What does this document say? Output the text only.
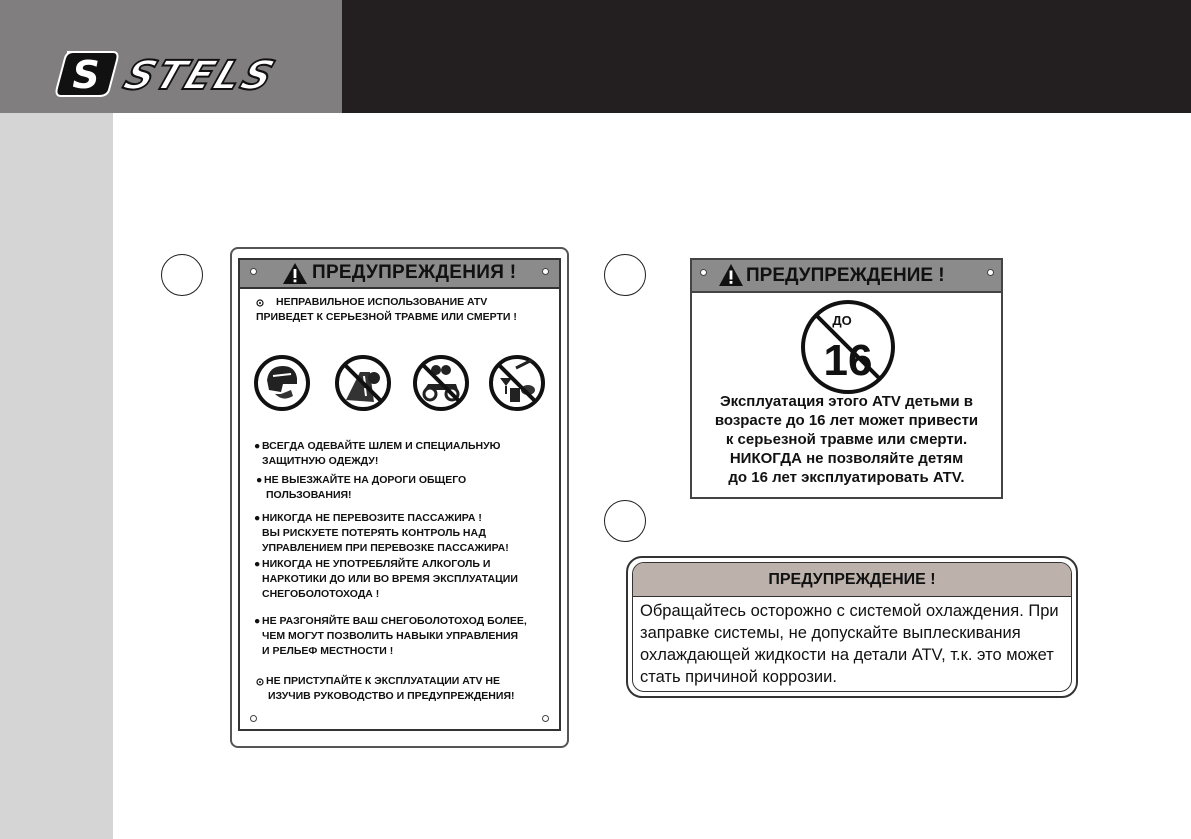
S STELS
ПРЕДУПРЕЖДЕНИЯ !
НЕПРАВИЛЬНОЕ ИСПОЛЬЗОВАНИЕ ATV
ПРИВЕДЕТ К СЕРЬЕЗНОЙ ТРАВМЕ ИЛИ СМЕРТИ !
● ВСЕГДА ОДЕВАЙТЕ ШЛЕМ И СПЕЦИАЛЬНУЮ
ЗАЩИТНУЮ ОДЕЖДУ!
● НЕ ВЫЕЗЖАЙТЕ НА ДОРОГИ ОБЩЕГО
ПОЛЬЗОВАНИЯ!
● НИКОГДА НЕ ПЕРЕВОЗИТЕ ПАССАЖИРА !
ВЫ РИСКУЕТЕ ПОТЕРЯТЬ КОНТРОЛЬ НАД
УПРАВЛЕНИЕМ ПРИ ПЕРЕВОЗКЕ ПАССАЖИРА!
● НИКОГДА НЕ УПОТРЕБЛЯЙТЕ АЛКОГОЛЬ И
НАРКОТИКИ ДО ИЛИ ВО ВРЕМЯ ЭКСПЛУАТАЦИИ
СНЕГОБОЛОТОХОДА !
● НЕ РАЗГОНЯЙТЕ ВАШ СНЕГОБОЛОТОХОД БОЛЕЕ,
ЧЕМ МОГУТ ПОЗВОЛИТЬ НАВЫКИ УПРАВЛЕНИЯ
И РЕЛЬЕФ МЕСТНОСТИ !
НЕ ПРИСТУПАЙТЕ К ЭКСПЛУАТАЦИИ ATV НЕ
ИЗУЧИВ РУКОВОДСТВО И ПРЕДУПРЕЖДЕНИЯ!
ПРЕДУПРЕЖДЕНИЕ !
ДО
16
Эксплуатация этого ATV детьми в
возрасте до 16 лет может привести
к серьезной травме или смерти.
НИКОГДА не позволяйте детям
до 16 лет эксплуатировать ATV.
ПРЕДУПРЕЖДЕНИЕ !
Обращайтесь осторожно с системой охлаждения. При
заправке системы, не допускайте выплескивания
охлаждающей жидкости на детали ATV, т.к. это может
стать причиной коррозии.
